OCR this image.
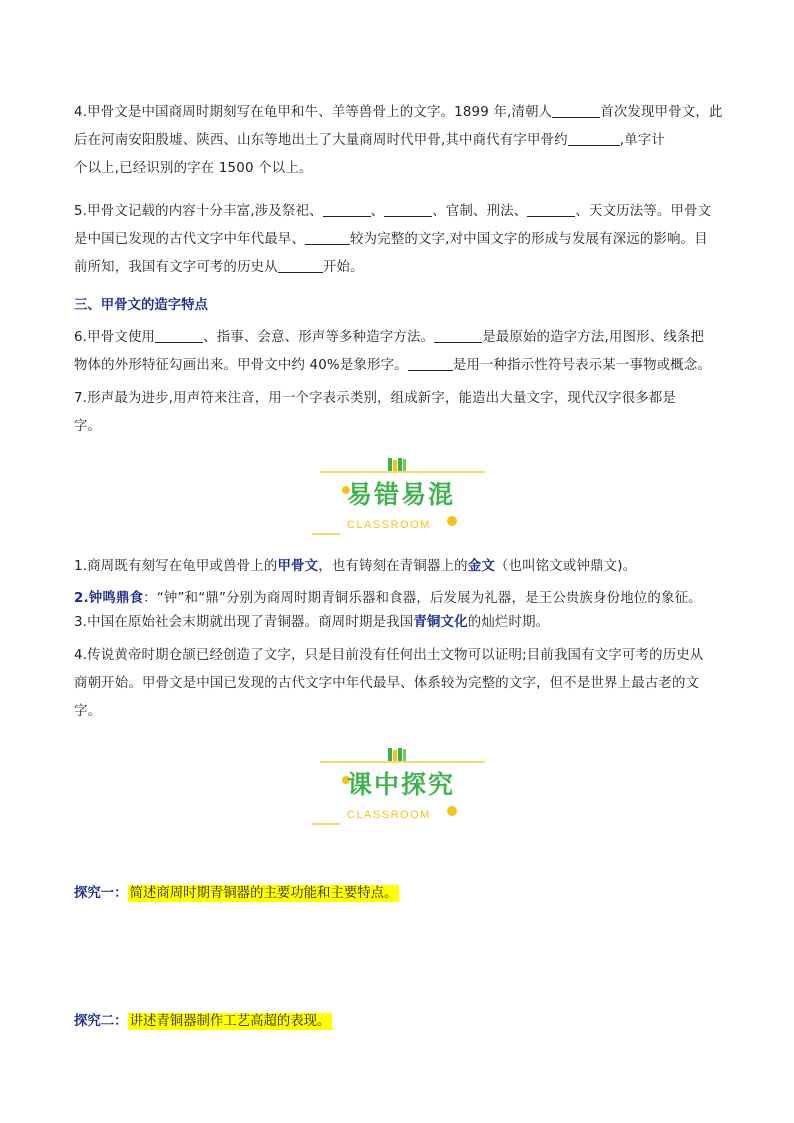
4.甲骨文是中国商周时期刻写在龟甲和牛、羊等兽骨上的文字。1899 年,清朝人	首次发现甲骨文，此
后在河南安阳殷墟、陕西、山东等地出土了大量商周时代甲骨,其中商代有字甲骨约	,单字计
个以上,已经识别的字在 1500 个以上。
5.甲骨文记载的内容十分丰富,涉及祭祀、	、	、官制、刑法、	、天文历法等。甲骨文
是中国已发现的古代文字中年代最早、	较为完整的文字,对中国文字的形成与发展有深远的影响。目
前所知，我国有文字可考的历史从	开始。
三、甲骨文的造字特点
6.甲骨文使用	、指事、会意、形声等多种造字方法。	是最原始的造字方法,用图形、线条把
物体的外形特征勾画出来。甲骨文中约 40%是象形字。	是用一种指示性符号表示某一事物或概念。
7.形声最为进步,用声符来注音，用一个字表示类别，组成新字，能造出大量文字，现代汉字很多都是
字。
易错易混
CLASSROOM
1.商周既有刻写在龟甲或兽骨上的甲骨文，也有铸刻在青铜器上的金文（也叫铭文或钟鼎文)。
2.钟鸣鼎食：“钟”和“鼎”分别为商周时期青铜乐器和食器，后发展为礼器，是王公贵族身份地位的象征。
3.中国在原始社会末期就出现了青铜器。商周时期是我国青铜文化的灿烂时期。
4.传说黄帝时期仓颉已经创造了文字，只是目前没有任何出土文物可以证明;目前我国有文字可考的历史从
商朝开始。甲骨文是中国已发现的古代文字中年代最早、体系较为完整的文字，但不是世界上最古老的文
字。
课中探究
CLASSROOM
探究一： 简述商周时期青铜器的主要功能和主要特点。
探究二： 讲述青铜器制作工艺高超的表现。
